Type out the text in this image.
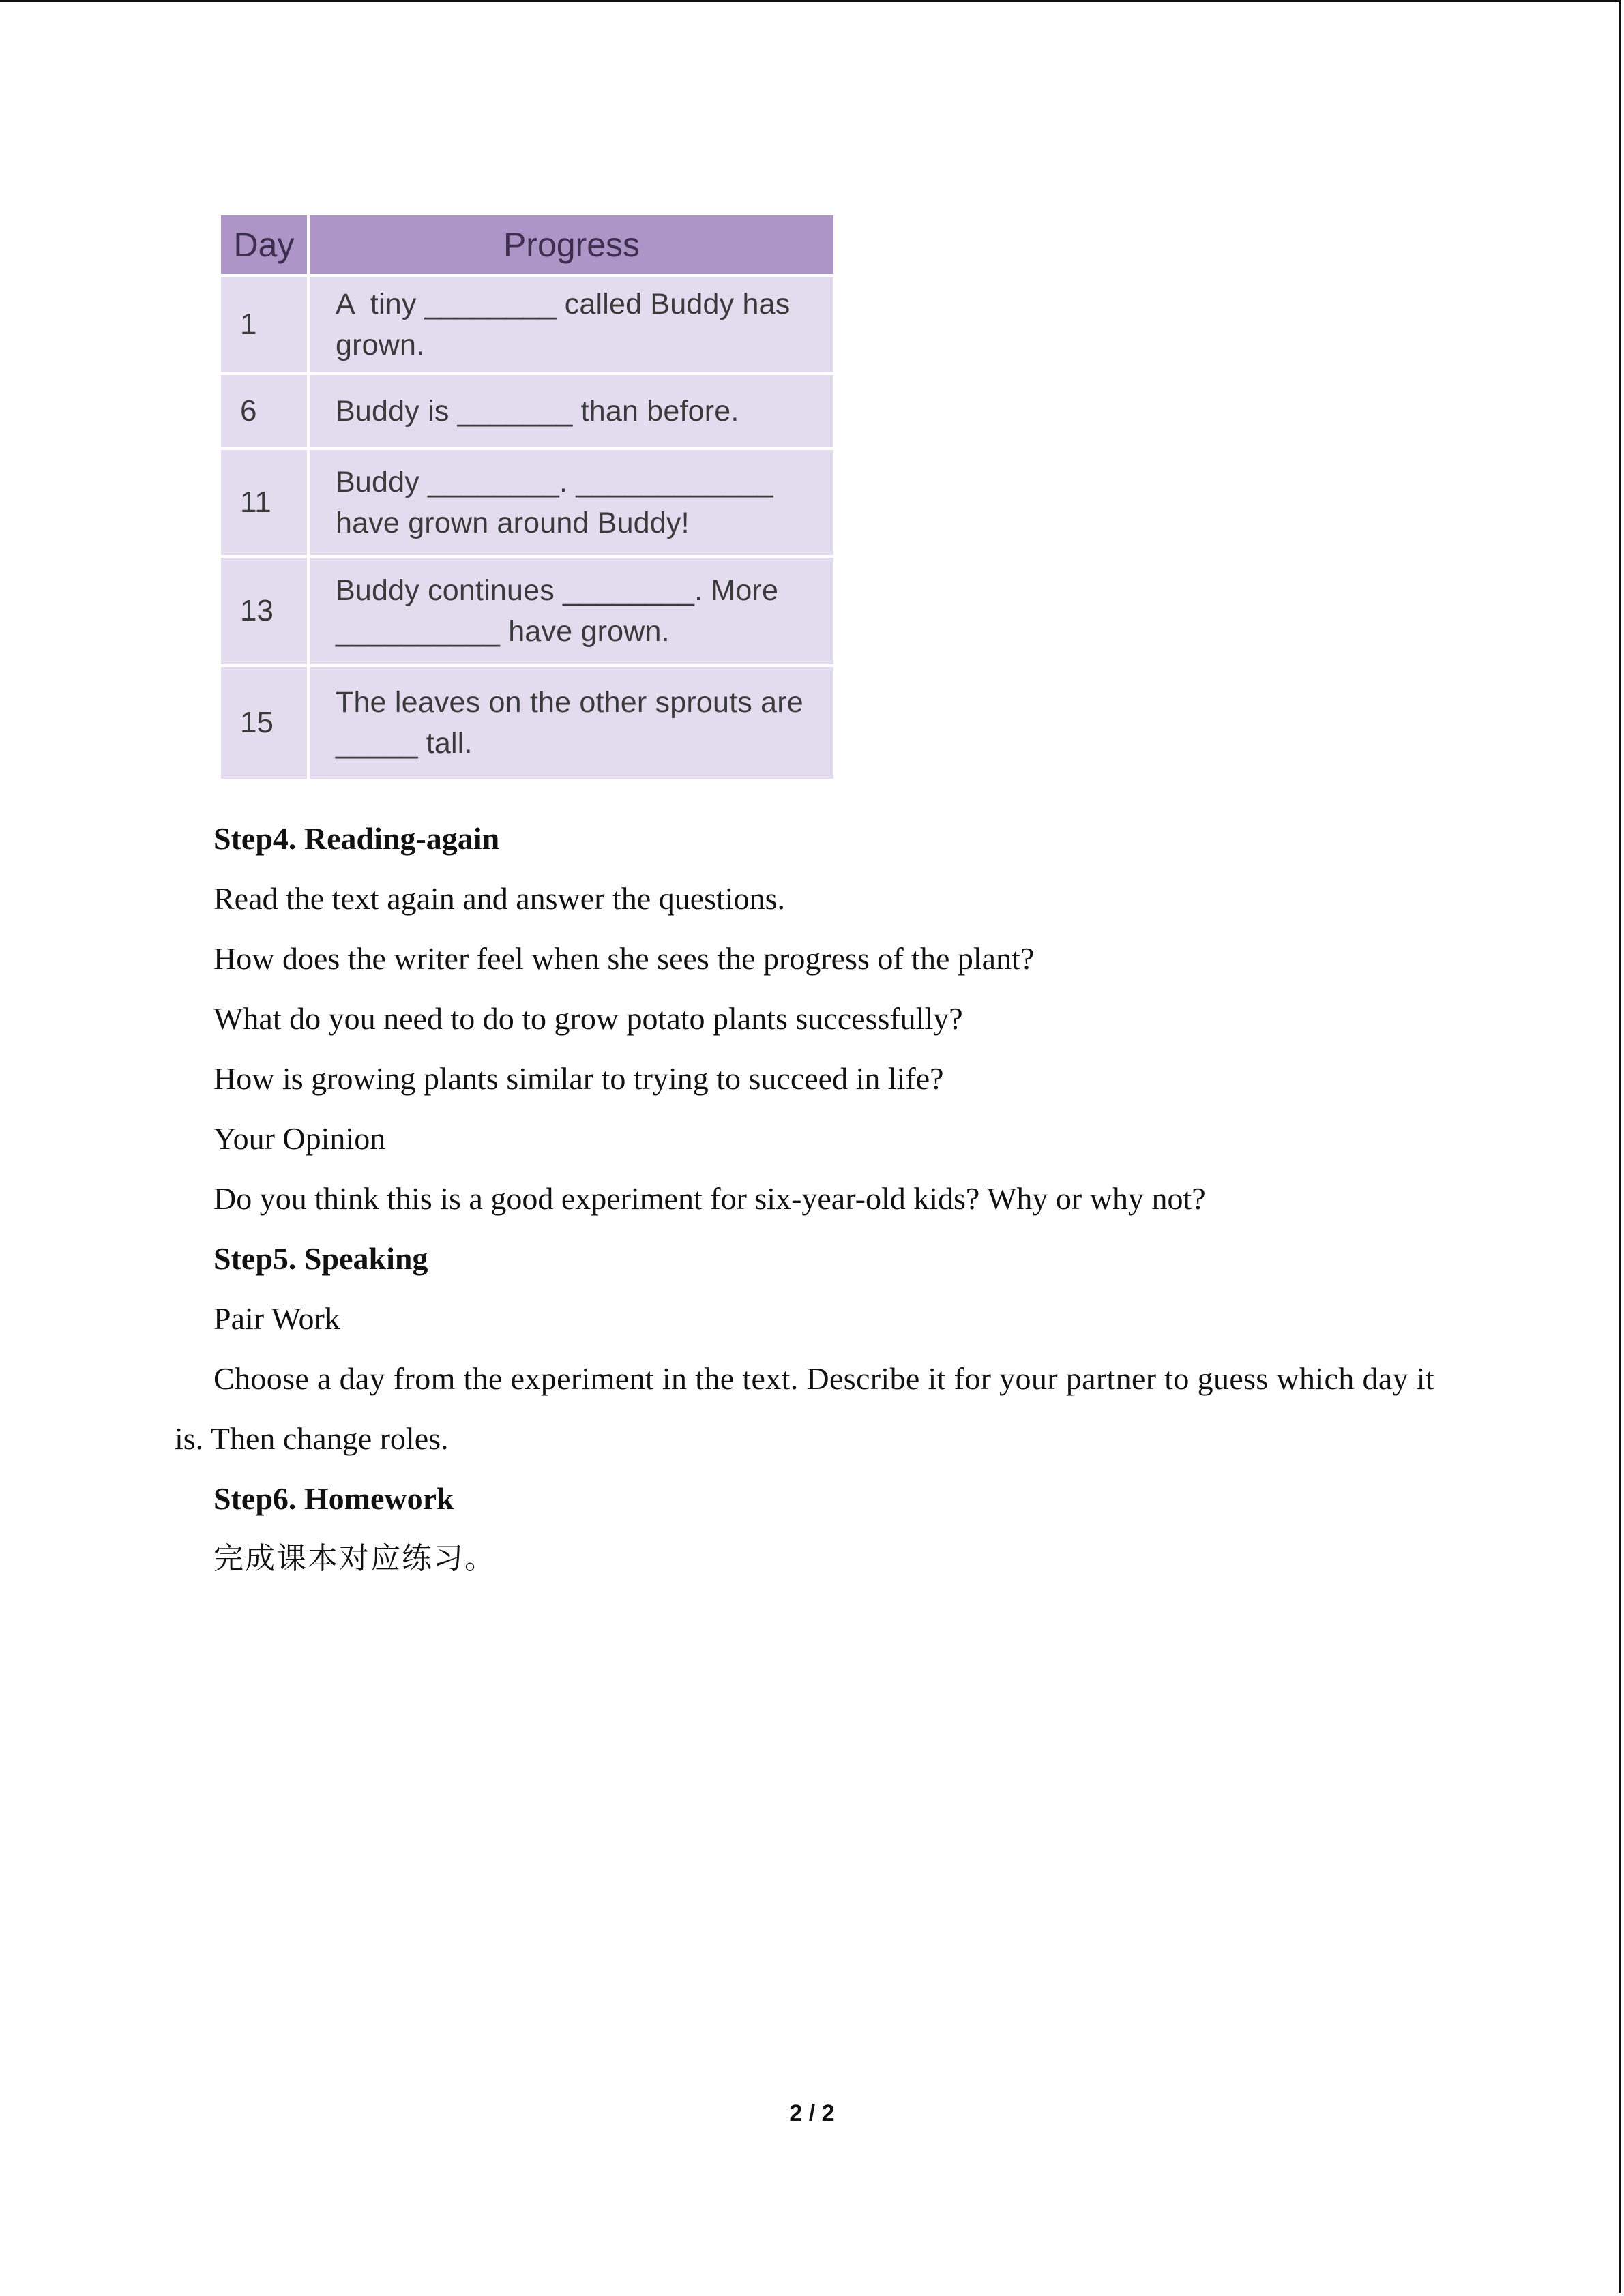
Day	Progress
1	A  tiny ________ called Buddy has
grown.

6	Buddy is _______ than before.

11	Buddy ________. ____________
have grown around Buddy!

13	Buddy continues ________. More
__________ have grown.

15	The leaves on the other sprouts are
_____ tall.

Step4. Reading-again

Read the text again and answer the questions.

How does the writer feel when she sees the progress of the plant?

What do you need to do to grow potato plants successfully?

How is growing plants similar to trying to succeed in life?

Your Opinion

Do you think this is a good experiment for six-year-old kids? Why or why not?

Step5. Speaking

Pair Work

Choose a day from the experiment in the text. Describe it for your partner to guess which day it

is. Then change roles.

Step6. Homework

完成课本对应练习。

2 / 2
